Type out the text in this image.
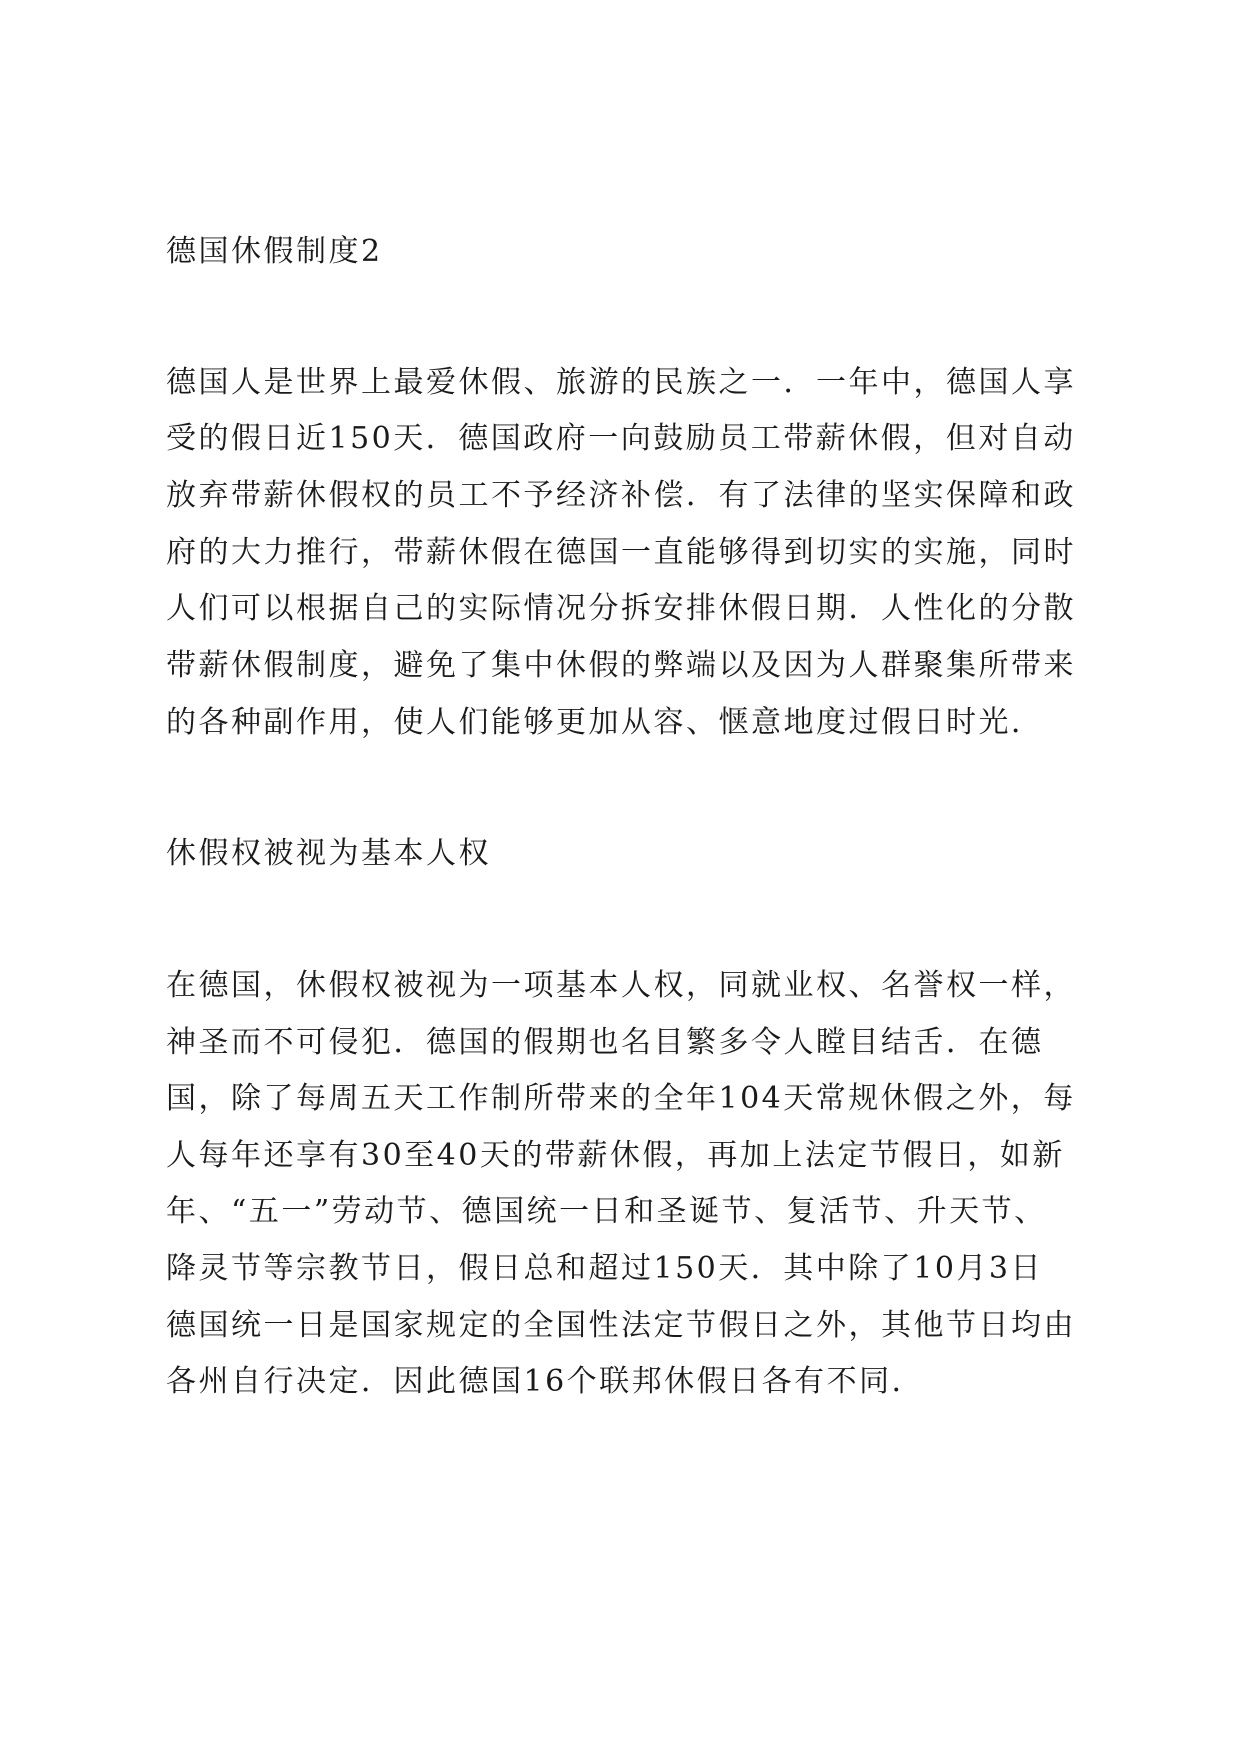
德国休假制度2
德国人是世界上最爱休假、旅游的民族之一．一年中，德国人享
受的假日近150天．德国政府一向鼓励员工带薪休假，但对自动
放弃带薪休假权的员工不予经济补偿．有了法律的坚实保障和政
府的大力推行，带薪休假在德国一直能够得到切实的实施，同时
人们可以根据自己的实际情况分拆安排休假日期．人性化的分散
带薪休假制度，避免了集中休假的弊端以及因为人群聚集所带来
的各种副作用，使人们能够更加从容、惬意地度过假日时光．
休假权被视为基本人权
在德国，休假权被视为一项基本人权，同就业权、名誉权一样，
神圣而不可侵犯．德国的假期也名目繁多令人瞠目结舌．在德
国，除了每周五天工作制所带来的全年104天常规休假之外，每
人每年还享有30至40天的带薪休假，再加上法定节假日，如新
年、“五一”劳动节、德国统一日和圣诞节、复活节、升天节、
降灵节等宗教节日，假日总和超过150天．其中除了10月3日
德国统一日是国家规定的全国性法定节假日之外，其他节日均由
各州自行决定．因此德国16个联邦休假日各有不同．
